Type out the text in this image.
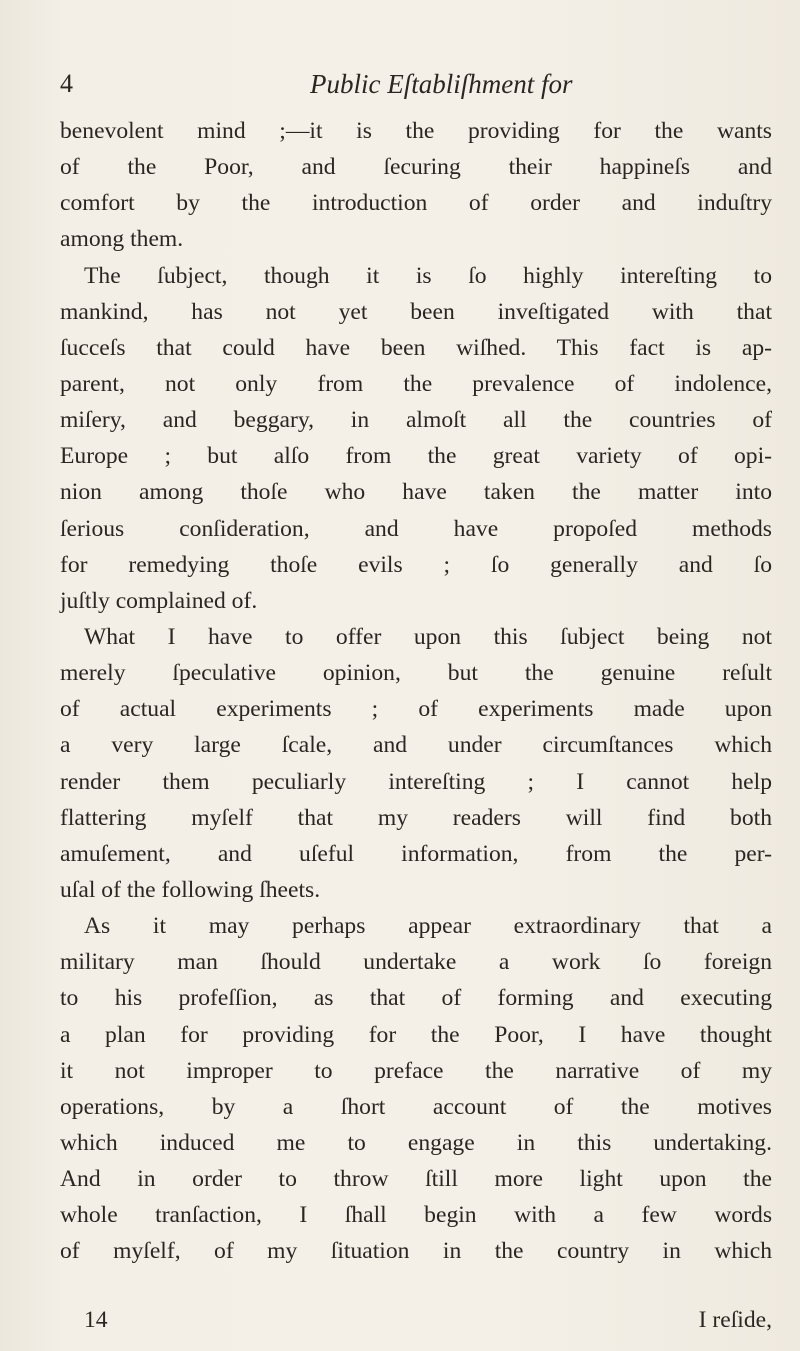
4	Public Eſtabliſhment for
benevolent mind ;—it is the providing for the wants
of the Poor, and ſecuring their happineſs and
comfort by the introduction of order and induſtry
among them.
The ſubject, though it is ſo highly intereſting to
mankind, has not yet been inveſtigated with that
ſucceſs that could have been wiſhed. This fact is ap-
parent, not only from the prevalence of indolence,
miſery, and beggary, in almoſt all the countries of
Europe ; but alſo from the great variety of opi-
nion among thoſe who have taken the matter into
ſerious conſideration, and have propoſed methods
for remedying thoſe evils ; ſo generally and ſo
juſtly complained of.
What I have to offer upon this ſubject being not
merely ſpeculative opinion, but the genuine reſult
of actual experiments ; of experiments made upon
a very large ſcale, and under circumſtances which
render them peculiarly intereſting ; I cannot help
flattering myſelf that my readers will find both
amuſement, and uſeful information, from the per-
uſal of the following ſheets.
As it may perhaps appear extraordinary that a
military man ſhould undertake a work ſo foreign
to his profeſſion, as that of forming and executing
a plan for providing for the Poor, I have thought
it not improper to preface the narrative of my
operations, by a ſhort account of the motives
which induced me to engage in this undertaking.
And in order to throw ſtill more light upon the
whole tranſaction, I ſhall begin with a few words
of myſelf, of my ſituation in the country in which
14	I reſide,
